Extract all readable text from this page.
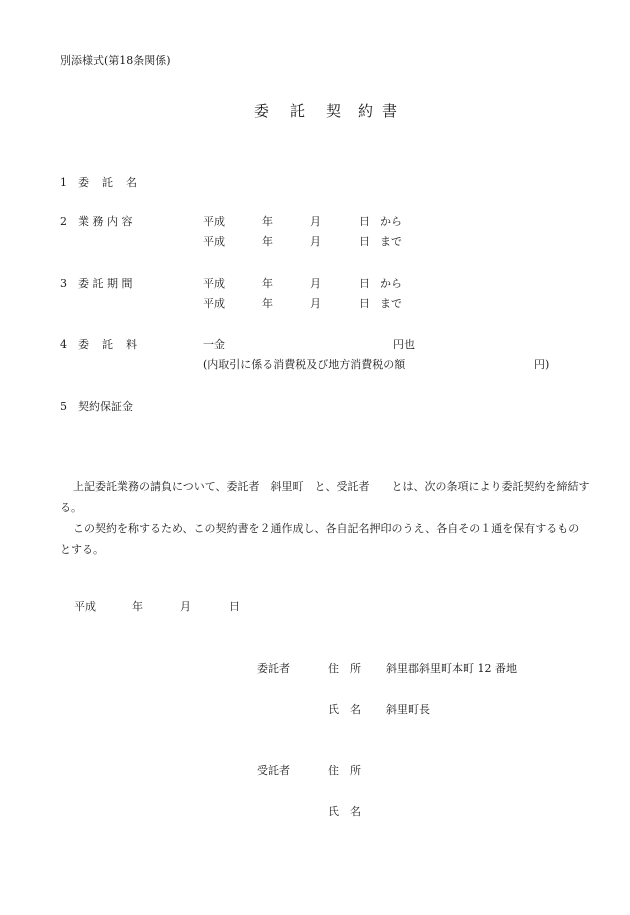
別添様式(第18条関係)
委 託 契 約 書
1 委 託 名
2 業 務 内 容	平成	年	月	日 から
平成	年	月	日 まで
3 委 託 期 間	平成	年	月	日 から
平成	年	月	日 まで
4 委 託 料	一金	円也
(内取引に係る消費税及び地方消費税の額	円)
5 契約保証金
上記委託業務の請負について、委託者　斜里町　と、受託者　　とは、次の条項により委託契約を締結する。
この契約を称するため、この契約書を２通作成し、各自記名押印のうえ、各自その１通を保有するものとする。
平成	年	月	日
委託者	住　所 斜里郡斜里町本町 12 番地
氏　名 斜里町長
受託者	住　所
氏　名
